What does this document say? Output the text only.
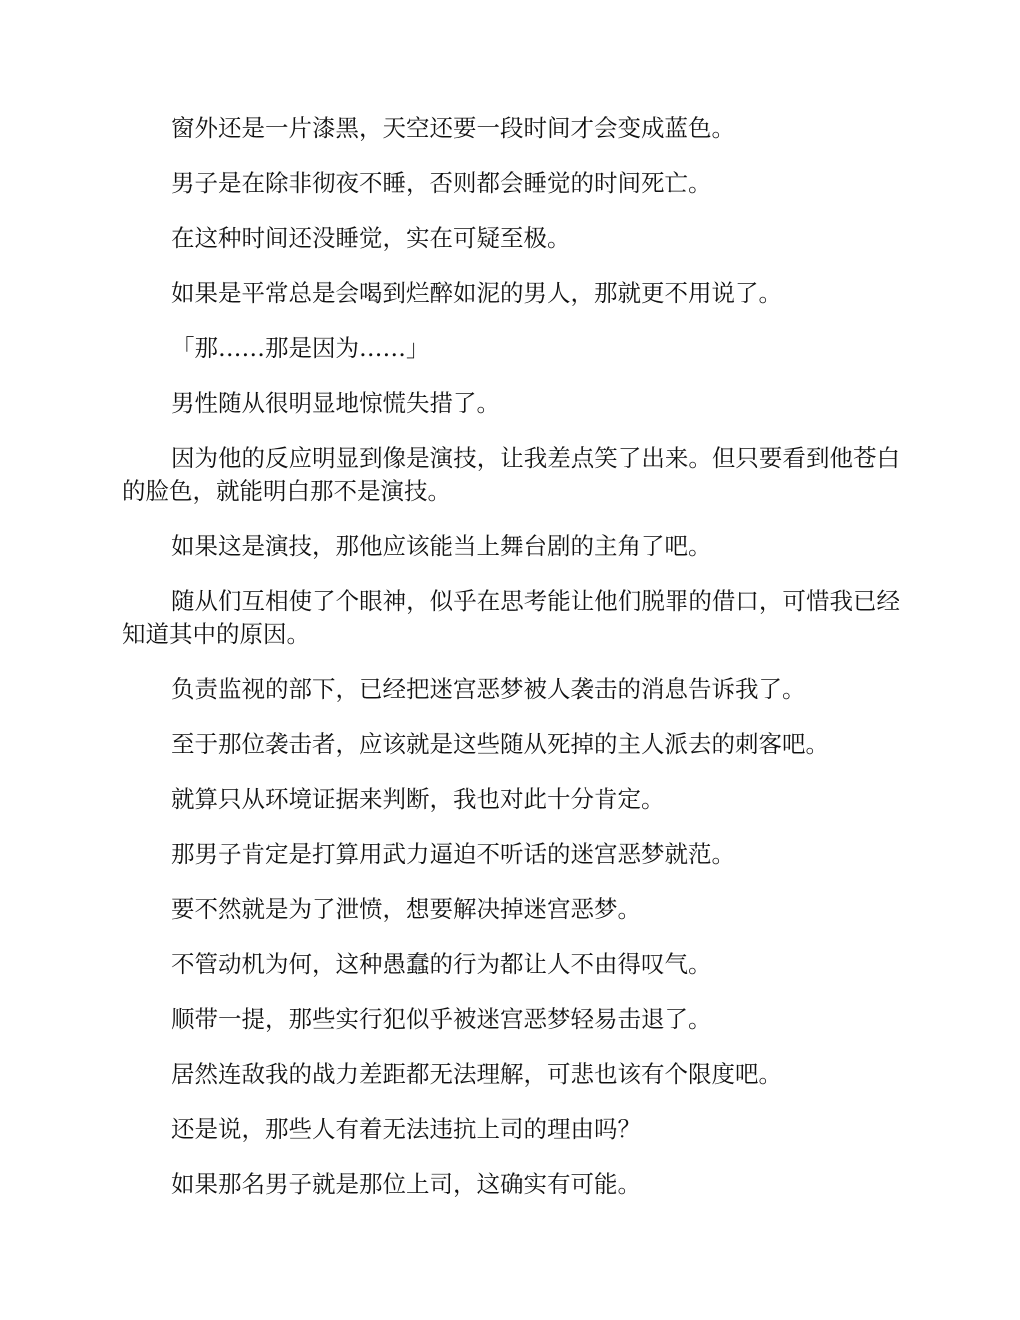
窗外还是一片漆黑，天空还要一段时间才会变成蓝色。

男子是在除非彻夜不睡，否则都会睡觉的时间死亡。

在这种时间还没睡觉，实在可疑至极。

如果是平常总是会喝到烂醉如泥的男人，那就更不用说了。

「那……那是因为……」

男性随从很明显地惊慌失措了。

因为他的反应明显到像是演技，让我差点笑了出来。但只要看到他苍白的脸色，就能明白那不是演技。

如果这是演技，那他应该能当上舞台剧的主角了吧。

随从们互相使了个眼神，似乎在思考能让他们脱罪的借口，可惜我已经知道其中的原因。

负责监视的部下，已经把迷宫恶梦被人袭击的消息告诉我了。

至于那位袭击者，应该就是这些随从死掉的主人派去的刺客吧。

就算只从环境证据来判断，我也对此十分肯定。

那男子肯定是打算用武力逼迫不听话的迷宫恶梦就范。

要不然就是为了泄愤，想要解决掉迷宫恶梦。

不管动机为何，这种愚蠢的行为都让人不由得叹气。

顺带一提，那些实行犯似乎被迷宫恶梦轻易击退了。

居然连敌我的战力差距都无法理解，可悲也该有个限度吧。

还是说，那些人有着无法违抗上司的理由吗？

如果那名男子就是那位上司，这确实有可能。
